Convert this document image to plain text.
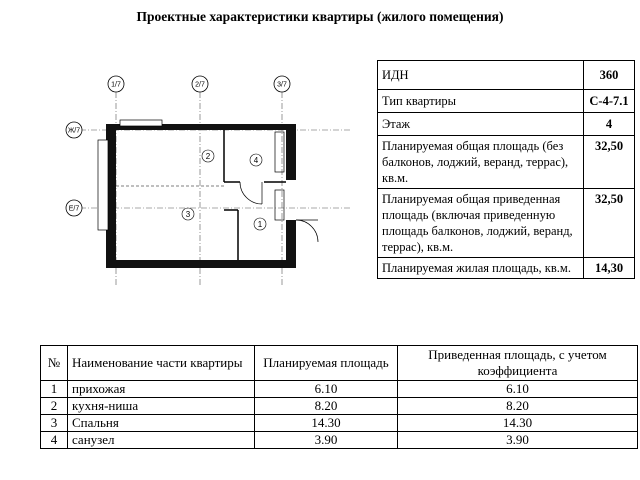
Проектные характеристики квартиры (жилого помещения)
1/7	2/7	3/7
Ж/7
Е/7
1
2
3
4
ИДН	360
Тип квартиры	С-4-7.1
Этаж	4
Планируемая общая площадь (без балконов, лоджий, веранд, террас), кв.м.	32,50
Планируемая общая приведенная площадь (включая приведенную площадь балконов, лоджий, веранд, террас), кв.м.	32,50
Планируемая жилая площадь, кв.м.	14,30
№	Наименование части квартиры	Планируемая площадь	Приведенная площадь, с учетом коэффициента
1	прихожая	6.10	6.10
2	кухня-ниша	8.20	8.20
3	Спальня	14.30	14.30
4	санузел	3.90	3.90
